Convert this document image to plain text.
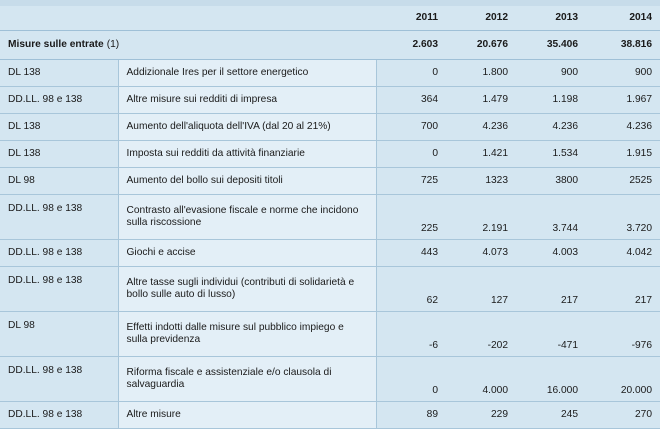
		2011	2012	2013	2014
Misure sulle entrate (1)		2.603	20.676	35.406	38.816
DL 138	Addizionale Ires per il settore energetico	0	1.800	900	900
DD.LL. 98 e 138	Altre misure sui redditi di impresa	364	1.479	1.198	1.967
DL 138	Aumento dell'aliquota dell'IVA (dal 20 al 21%)	700	4.236	4.236	4.236
DL 138	Imposta sui redditi da attività finanziarie	0	1.421	1.534	1.915
DL 98	Aumento del bollo sui depositi titoli	725	1323	3800	2525
DD.LL. 98 e 138	Contrasto all'evasione fiscale e norme che incidono sulla riscossione	225	2.191	3.744	3.720
DD.LL. 98 e 138	Giochi e accise	443	4.073	4.003	4.042
DD.LL. 98 e 138	Altre tasse sugli individui (contributi di solidarietà e bollo sulle auto di lusso)	62	127	217	217
DL 98	Effetti indotti dalle misure sul pubblico impiego e sulla previdenza	-6	-202	-471	-976
DD.LL. 98 e 138	Riforma fiscale e assistenziale e/o clausola di salvaguardia	0	4.000	16.000	20.000
DD.LL. 98 e 138	Altre misure	89	229	245	270
